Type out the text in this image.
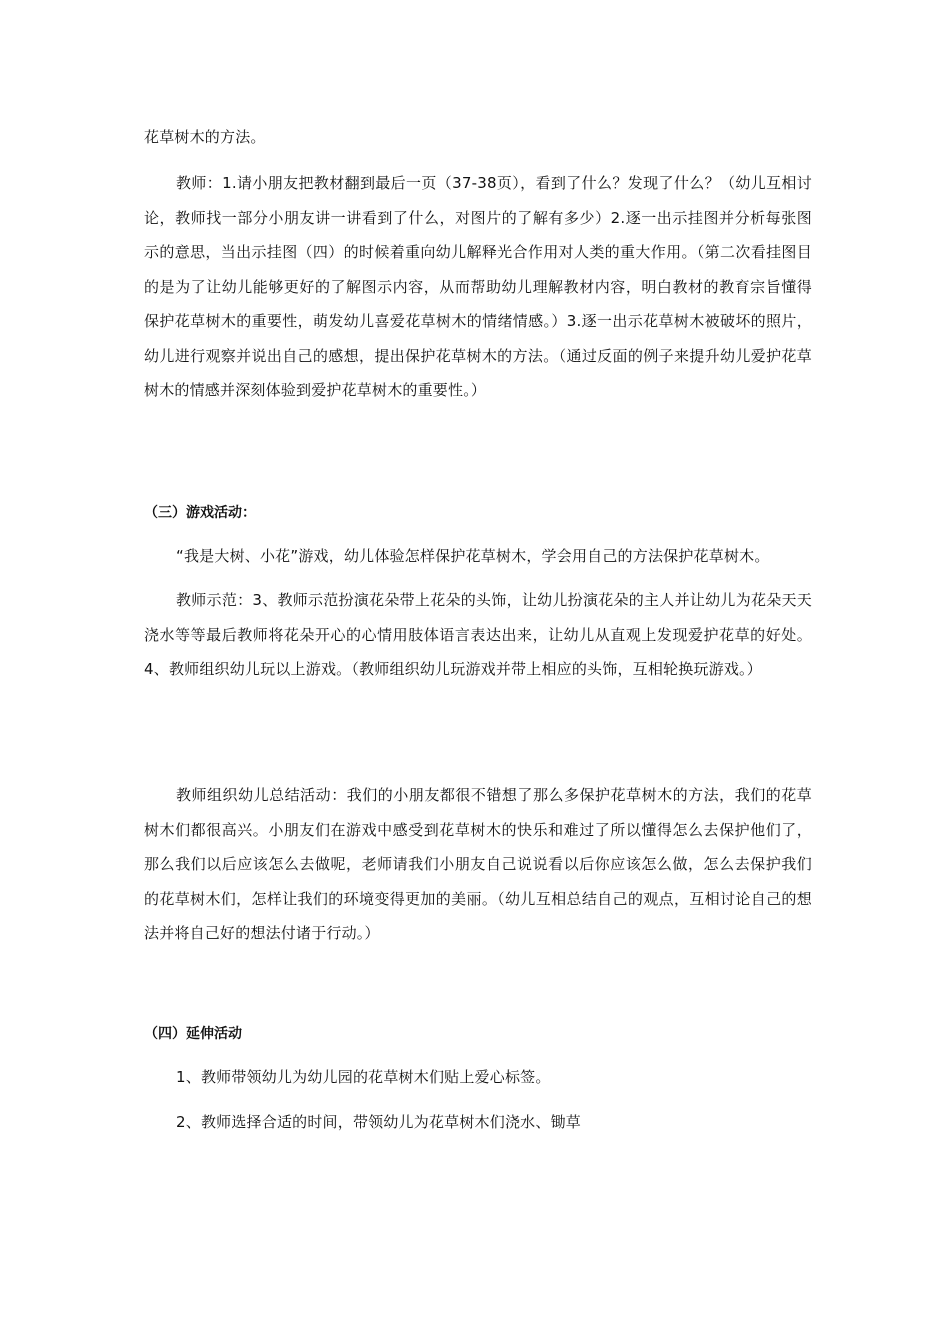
花草树木的方法。

教师：1.请小朋友把教材翻到最后一页（37-38页），看到了什么？发现了什么？（幼儿互相讨论，教师找一部分小朋友讲一讲看到了什么，对图片的了解有多少）2.逐一出示挂图并分析每张图示的意思，当出示挂图（四）的时候着重向幼儿解释光合作用对人类的重大作用。（第二次看挂图目的是为了让幼儿能够更好的了解图示内容，从而帮助幼儿理解教材内容，明白教材的教育宗旨懂得保护花草树木的重要性，萌发幼儿喜爱花草树木的情绪情感。）3.逐一出示花草树木被破坏的照片，幼儿进行观察并说出自己的感想，提出保护花草树木的方法。（通过反面的例子来提升幼儿爱护花草树木的情感并深刻体验到爱护花草树木的重要性。）

（三）游戏活动：

“我是大树、小花”游戏，幼儿体验怎样保护花草树木，学会用自己的方法保护花草树木。

教师示范：3、教师示范扮演花朵带上花朵的头饰，让幼儿扮演花朵的主人并让幼儿为花朵天天浇水等等最后教师将花朵开心的心情用肢体语言表达出来，让幼儿从直观上发现爱护花草的好处。4、教师组织幼儿玩以上游戏。（教师组织幼儿玩游戏并带上相应的头饰，互相轮换玩游戏。）

教师组织幼儿总结活动：我们的小朋友都很不错想了那么多保护花草树木的方法，我们的花草树木们都很高兴。小朋友们在游戏中感受到花草树木的快乐和难过了所以懂得怎么去保护他们了，那么我们以后应该怎么去做呢，老师请我们小朋友自己说说看以后你应该怎么做，怎么去保护我们的花草树木们，怎样让我们的环境变得更加的美丽。（幼儿互相总结自己的观点，互相讨论自己的想法并将自己好的想法付诸于行动。）

（四）延伸活动

1、教师带领幼儿为幼儿园的花草树木们贴上爱心标签。

2、教师选择合适的时间，带领幼儿为花草树木们浇水、锄草
